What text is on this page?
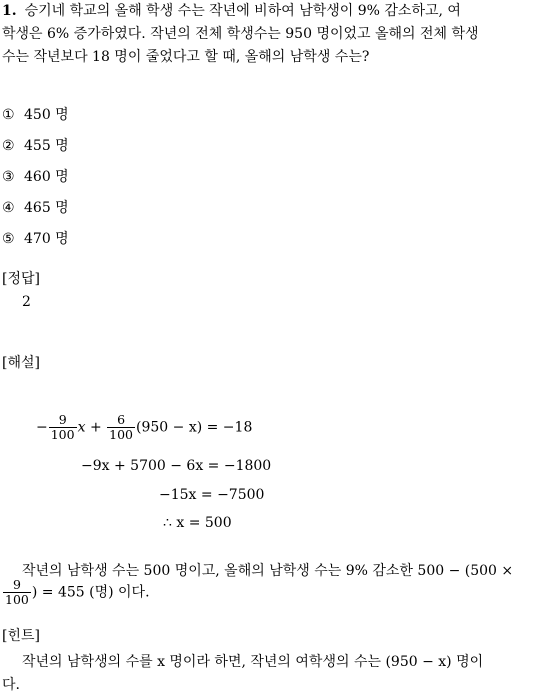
1. 승기네 학교의 올해 학생 수는 작년에 비하여 남학생이 9% 감소하고, 여
학생은 6% 증가하였다. 작년의 전체 학생수는 950 명이었고 올해의 전체 학생
수는 작년보다 18 명이 줄었다고 할 때, 올해의 남학생 수는?
① 450 명
② 455 명
③ 460 명
④ 465 명
⑤ 470 명
[정답]
2
[해설]
− $\frac{9}{100}$ $x + \frac{6}{100} (950 - x) = -18$
−9x + 5700 − 6x = −1800
−15x = −7500
∴ x = 500
작년의 남학생 수는 500 명이고, 올해의 남학생 수는 9% 감소한 500 − (500 ×
$\frac{9}{100}$ ) = 455 (명) 이다.
[힌트]
작년의 남학생의 수를 x 명이라 하면, 작년의 여학생의 수는 (950 − x) 명이
다.
